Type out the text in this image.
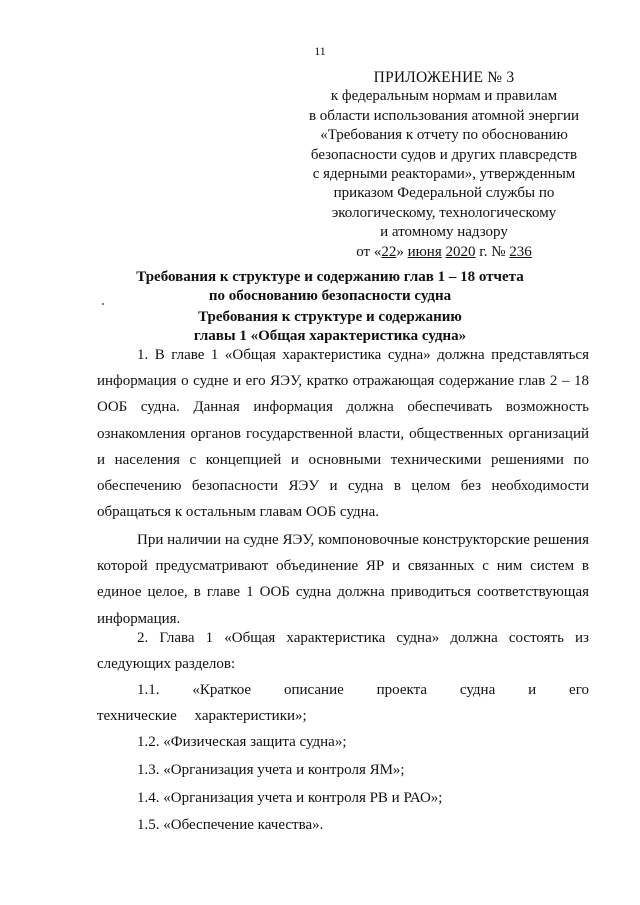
11
ПРИЛОЖЕНИЕ № 3
к федеральным нормам и правилам
в области использования атомной энергии
«Требования к отчету по обоснованию
безопасности судов и других плавсредств
с ядерными реакторами», утвержденным
приказом Федеральной службы по
экологическому, технологическому
и атомному надзору
от «22» июня 2020 г. № 236
Требования к структуре и содержанию глав 1 – 18 отчета
по обоснованию безопасности судна
Требования к структуре и содержанию
главы 1 «Общая характеристика судна»
1. В главе 1 «Общая характеристика судна» должна представляться информация о судне и его ЯЭУ, кратко отражающая содержание глав 2 – 18 ООБ судна. Данная информация должна обеспечивать возможность ознакомления органов государственной власти, общественных организаций и населения с концепцией и основными техническими решениями по обеспечению безопасности ЯЭУ и судна в целом без необходимости обращаться к остальным главам ООБ судна.
При наличии на судне ЯЭУ, компоновочные конструкторские решения которой предусматривают объединение ЯР и связанных с ним систем в единое целое, в главе 1 ООБ судна должна приводиться соответствующая информация.
2. Глава 1 «Общая характеристика судна» должна состоять из следующих разделов:
1.1. «Краткое описание проекта судна и его технические характеристики»;
1.2. «Физическая защита судна»;
1.3. «Организация учета и контроля ЯМ»;
1.4. «Организация учета и контроля РВ и РАО»;
1.5. «Обеспечение качества».
